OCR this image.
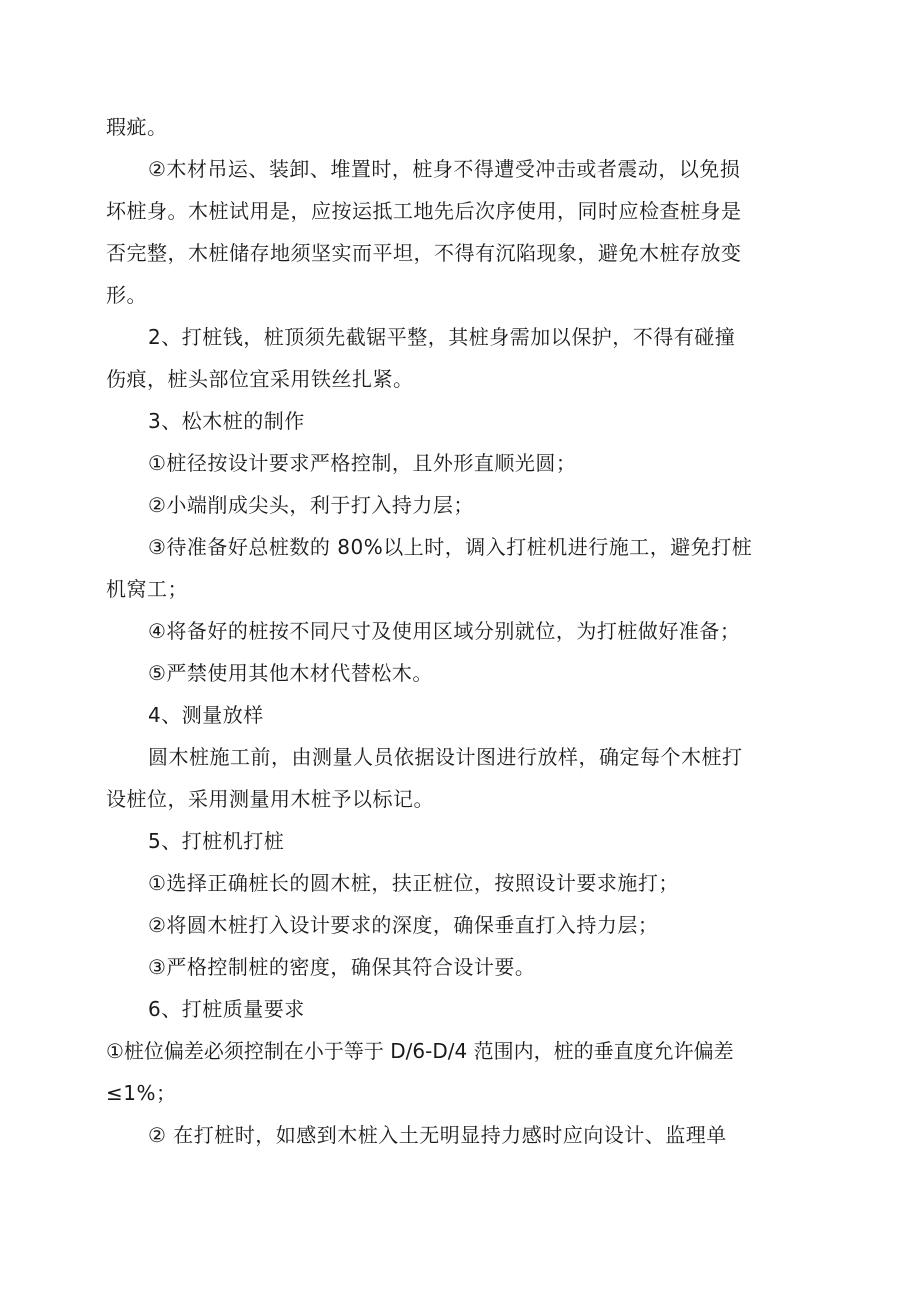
瑕疵。
②木材吊运、装卸、堆置时，桩身不得遭受冲击或者震动，以免损
坏桩身。木桩试用是，应按运抵工地先后次序使用，同时应检查桩身是
否完整，木桩储存地须坚实而平坦，不得有沉陷现象，避免木桩存放变
形。
2、打桩钱，桩顶须先截锯平整，其桩身需加以保护，不得有碰撞
伤痕，桩头部位宜采用铁丝扎紧。
3、松木桩的制作
①桩径按设计要求严格控制，且外形直顺光圆；
②小端削成尖头，利于打入持力层；
③待准备好总桩数的 80%以上时，调入打桩机进行施工，避免打桩
机窝工；
④将备好的桩按不同尺寸及使用区域分别就位，为打桩做好准备；
⑤严禁使用其他木材代替松木。
4、测量放样
圆木桩施工前，由测量人员依据设计图进行放样，确定每个木桩打
设桩位，采用测量用木桩予以标记。
5、打桩机打桩
①选择正确桩长的圆木桩，扶正桩位，按照设计要求施打；
②将圆木桩打入设计要求的深度，确保垂直打入持力层；
③严格控制桩的密度，确保其符合设计要。
6、打桩质量要求
①桩位偏差必须控制在小于等于 D/6-D/4 范围内，桩的垂直度允许偏差
≤1%；
② 在打桩时，如感到木桩入土无明显持力感时应向设计、监理单
